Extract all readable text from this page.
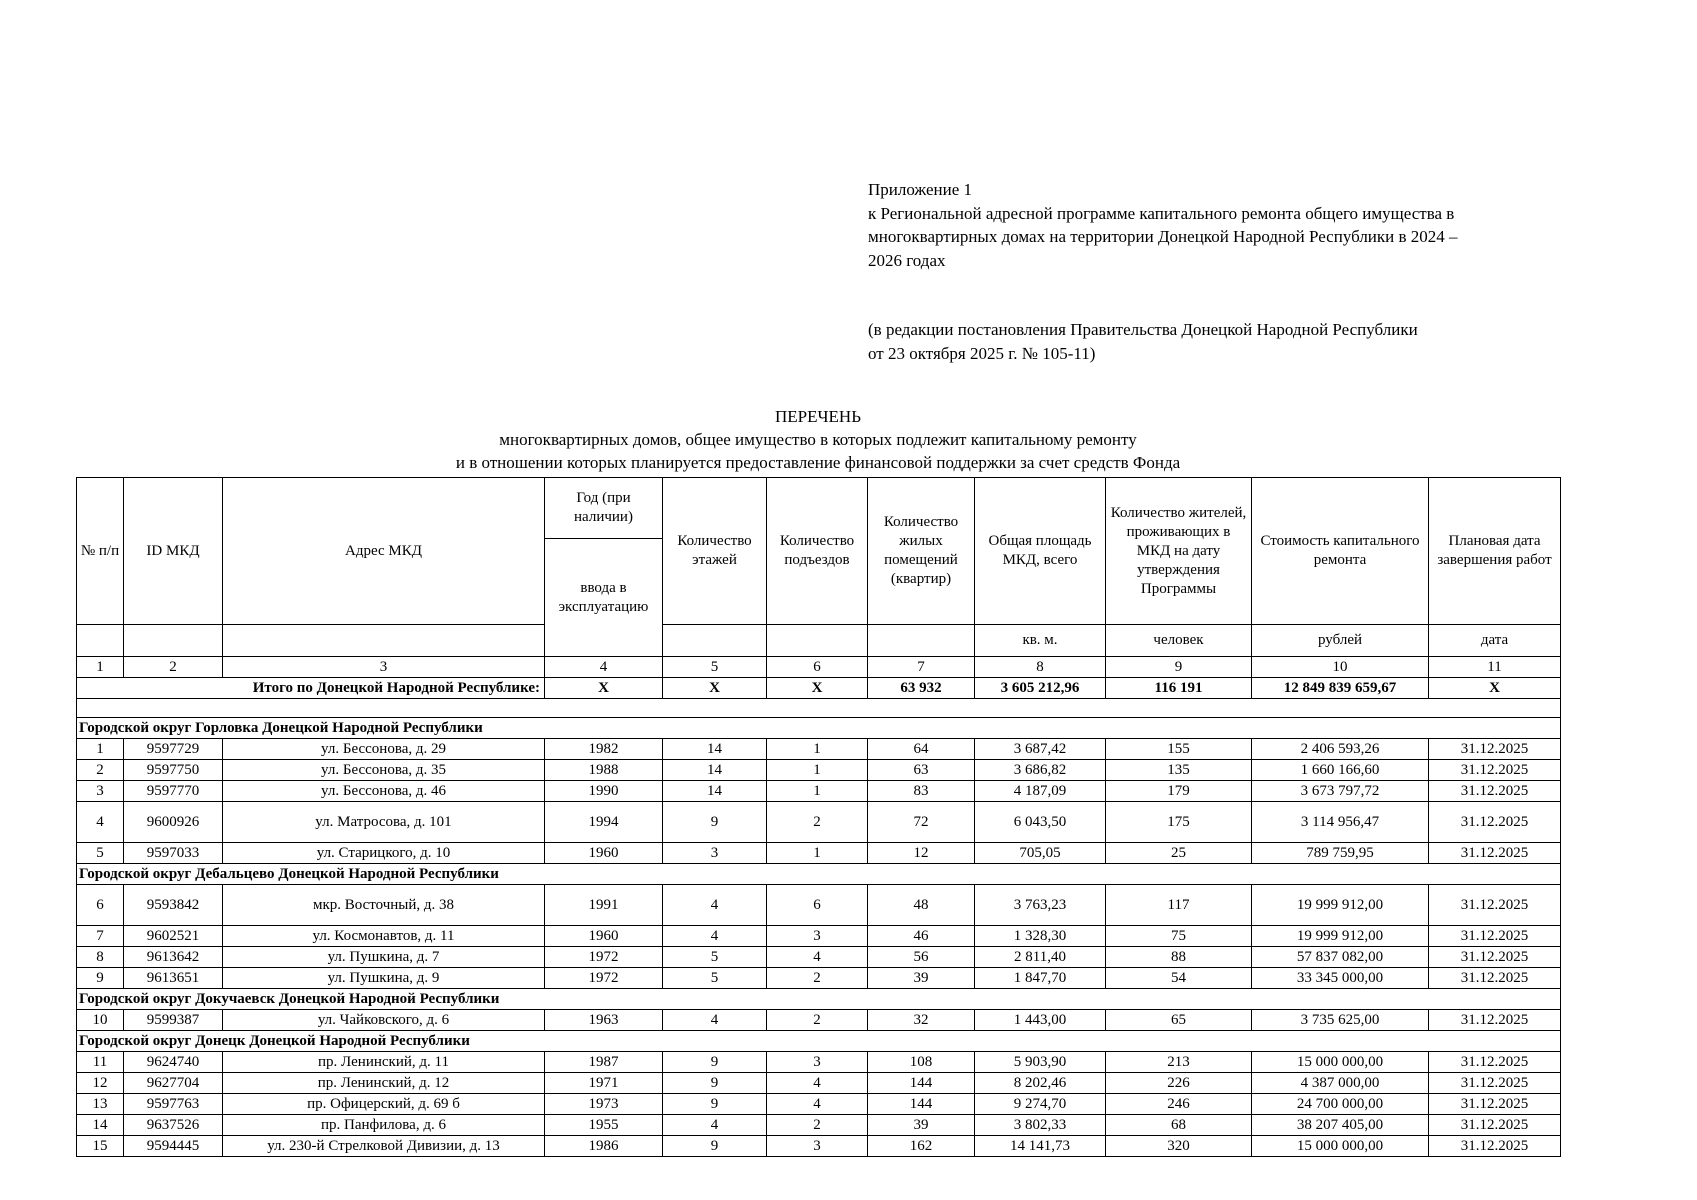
Приложение 1
к Региональной адресной программе капитального ремонта общего имущества в
многоквартирных домах на территории Донецкой Народной Республики в 2024 –
2026 годах
(в редакции постановления Правительства Донецкой Народной Республики
от 23 октября 2025 г. № 105-11)
ПЕРЕЧЕНЬ
многоквартирных домов, общее имущество в которых подлежит капитальному ремонту
и в отношении которых планируется предоставление финансовой поддержки за счет средств Фонда
№ п/п	ID МКД	Адрес МКД	Год (при наличии)	Количество этажей	Количество подъездов	Количество жилых помещений (квартир)	Общая площадь МКД, всего	Количество жителей, проживающих в МКД на дату утверждения Программы	Стоимость капитального ремонта	Плановая дата завершения работ
			ввода в эксплуатацию							
							кв. м.	человек	рублей	дата
1	2	3	4	5	6	7	8	9	10	11
Итого по Донецкой Народной Республике:			X	X	X	63 932	3 605 212,96	116 191	12 849 839 659,67	X

Городской округ Горловка Донецкой Народной Республики										
1	9597729	ул. Бессонова, д. 29	1982	14	1	64	3 687,42	155	2 406 593,26	31.12.2025
2	9597750	ул. Бессонова, д. 35	1988	14	1	63	3 686,82	135	1 660 166,60	31.12.2025
3	9597770	ул. Бессонова, д. 46	1990	14	1	83	4 187,09	179	3 673 797,72	31.12.2025
4	9600926	ул. Матросова, д. 101	1994	9	2	72	6 043,50	175	3 114 956,47	31.12.2025
5	9597033	ул. Старицкого, д. 10	1960	3	1	12	705,05	25	789 759,95	31.12.2025
Городской округ Дебальцево Донецкой Народной Республики										
6	9593842	мкр. Восточный, д. 38	1991	4	6	48	3 763,23	117	19 999 912,00	31.12.2025
7	9602521	ул. Космонавтов, д. 11	1960	4	3	46	1 328,30	75	19 999 912,00	31.12.2025
8	9613642	ул. Пушкина, д. 7	1972	5	4	56	2 811,40	88	57 837 082,00	31.12.2025
9	9613651	ул. Пушкина, д. 9	1972	5	2	39	1 847,70	54	33 345 000,00	31.12.2025
Городской округ Докучаевск Донецкой Народной Республики										
10	9599387	ул. Чайковского, д. 6	1963	4	2	32	1 443,00	65	3 735 625,00	31.12.2025
Городской округ Донецк Донецкой Народной Республики										
11	9624740	пр. Ленинский, д. 11	1987	9	3	108	5 903,90	213	15 000 000,00	31.12.2025
12	9627704	пр. Ленинский, д. 12	1971	9	4	144	8 202,46	226	4 387 000,00	31.12.2025
13	9597763	пр. Офицерский, д. 69 б	1973	9	4	144	9 274,70	246	24 700 000,00	31.12.2025
14	9637526	пр. Панфилова, д. 6	1955	4	2	39	3 802,33	68	38 207 405,00	31.12.2025
15	9594445	ул. 230-й Стрелковой Дивизии, д. 13	1986	9	3	162	14 141,73	320	15 000 000,00	31.12.2025
